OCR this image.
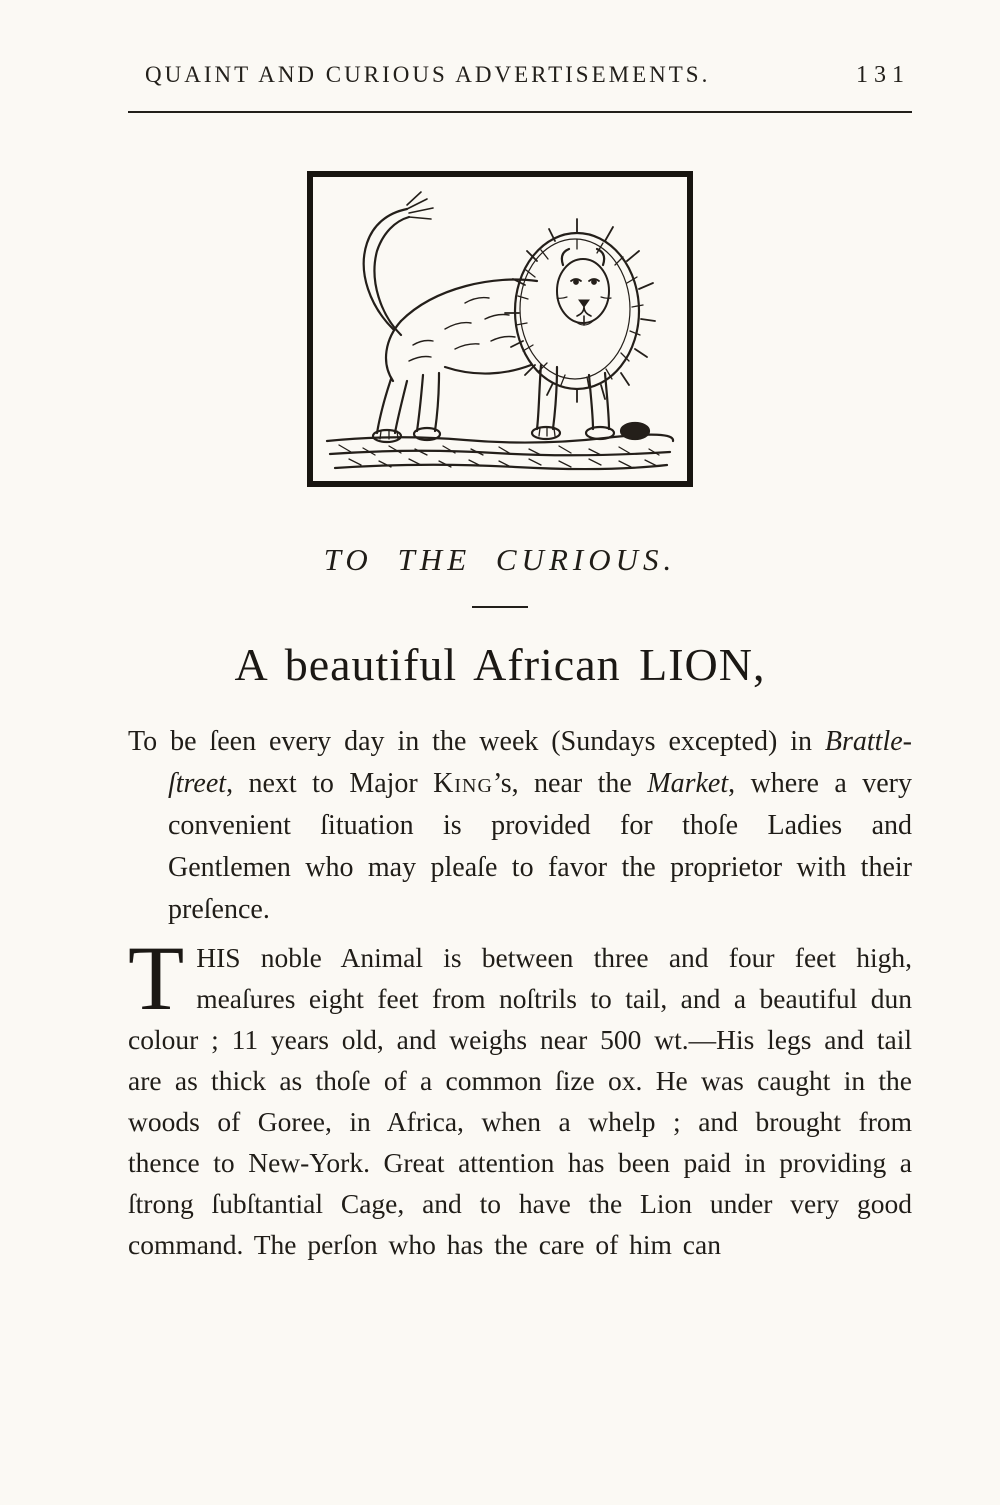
QUAINT AND CURIOUS ADVERTISEMENTS.	131
TO THE CURIOUS.
A beautiful African LION,

To be ſeen every day in the week (Sundays excepted) in Brattle-ſtreet, next to Major King’s, near the Market, where a very convenient ſituation is provided for thoſe Ladies and Gentlemen who may pleaſe to favor the proprietor with their preſence.

THIS noble Animal is between three and four feet high, meaſures eight feet from noſtrils to tail, and a beautiful dun colour ; 11 years old, and weighs near 500 wt.—His legs and tail are as thick as thoſe of a common ſize ox. He was caught in the woods of Goree, in Africa, when a whelp ; and brought from thence to New-York. Great attention has been paid in providing a ſtrong ſubſtantial Cage, and to have the Lion under very good command. The perſon who has the care of him can
